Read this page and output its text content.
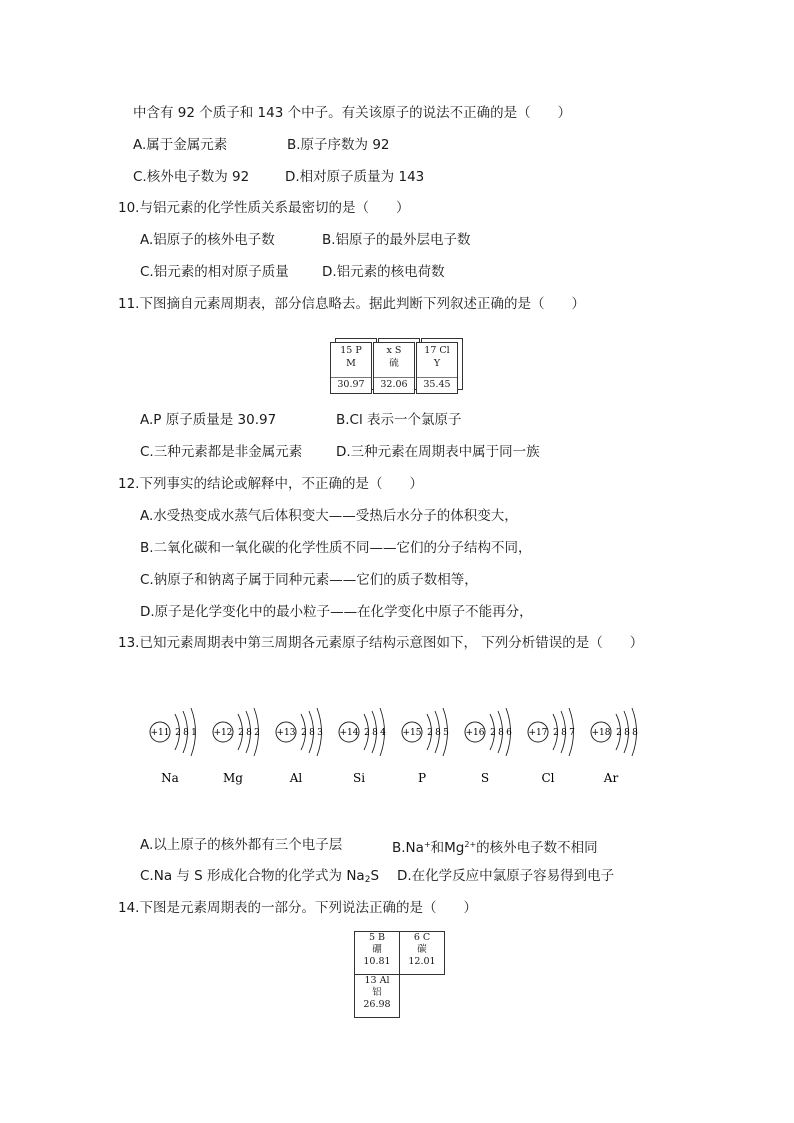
中含有 92 个质子和 143 个中子。有关该原子的说法不正确的是（　　）
A.属于金属元素	B.原子序数为 92
C.核外电子数为 92	D.相对原子质量为 143
10.与铝元素的化学性质关系最密切的是（　　）
A.铝原子的核外电子数	B.铝原子的最外层电子数
C.铝元素的相对原子质量 D.铝元素的核电荷数
11.下图摘自元素周期表，部分信息略去。据此判断下列叙述正确的是（　　）
15 P
M
30.97
x S
硫
32.06
17 Cl
Y
35.45
A.P 原子质量是 30.97	B.Cl 表示一个氯原子
C.三种元素都是非金属元素	D.三种元素在周期表中属于同一族
12.下列事实的结论或解释中，不正确的是（　　）
A.水受热变成水蒸气后体积变大——受热后水分子的体积变大，
B.二氧化碳和一氧化碳的化学性质不同——它们的分子结构不同，
C.钠原子和钠离子属于同种元素——它们的质子数相等，
D.原子是化学变化中的最小粒子——在化学变化中原子不能再分，
13.已知元素周期表中第三周期各元素原子结构示意图如下， 下列分析错误的是（　　）
+11 2 8 1
Na
+12 2 8 2
Mg
+13 2 8 3
Al
+14 2 8 4
Si
+15 2 8 5
P
+16 2 8 6
S
+17 2 8 7
Cl
+18 2 8 8
Ar
A.以上原子的核外都有三个电子层	B.Na+和$Mg^{2+}$的核外电子数不相同
C.Na 与 S 形成化合物的化学式为 $Na_2S$ D.在化学反应中氯原子容易得到电子
14.下图是元素周期表的一部分。下列说法正确的是（　　）
5 B
硼
10.81
6 C
碳
12.01
13 Al
铝
26.98
